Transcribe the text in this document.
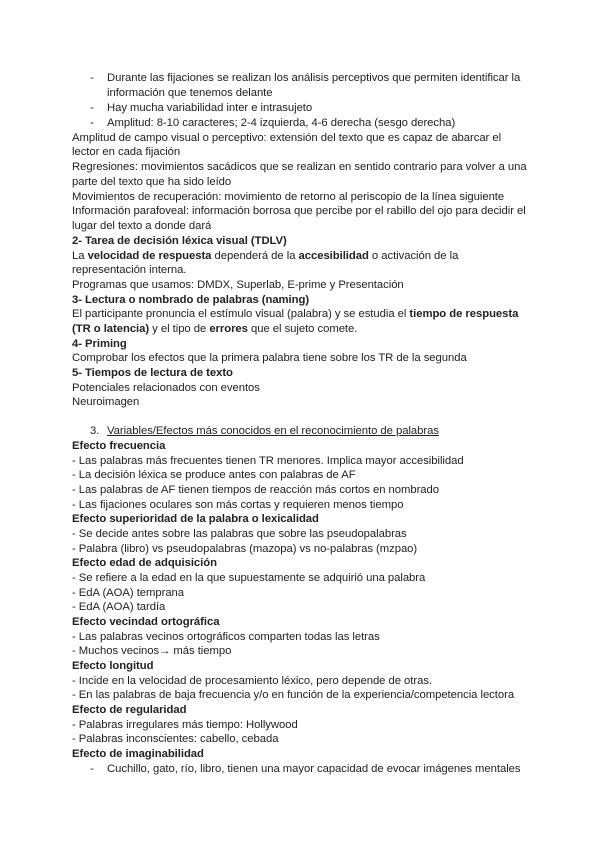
- Durante las fijaciones se realizan los análisis perceptivos que permiten identificar la
información que tenemos delante
- Hay mucha variabilidad inter e intrasujeto
- Amplitud: 8-10 caracteres; 2-4 izquierda, 4-6 derecha (sesgo derecha)
Amplitud de campo visual o perceptivo: extensión del texto que es capaz de abarcar el
lector en cada fijación
Regresiones: movimientos sacádicos que se realizan en sentido contrario para volver a una
parte del texto que ha sido leído
Movimientos de recuperación: movimiento de retorno al periscopio de la línea siguiente
Información parafoveal: información borrosa que percibe por el rabillo del ojo para decidir el
lugar del texto a donde dará
2- Tarea de decisión léxica visual (TDLV)
La velocidad de respuesta dependerá de la accesibilidad o activación de la
representación interna.
Programas que usamos: DMDX, Superlab, E-prime y Presentación
3- Lectura o nombrado de palabras (naming)
El participante pronuncia el estímulo visual (palabra) y se estudia el tiempo de respuesta
(TR o latencia) y el tipo de errores que el sujeto comete.
4- Priming
Comprobar los efectos que la primera palabra tiene sobre los TR de la segunda
5- Tiempos de lectura de texto
Potenciales relacionados con eventos
Neuroimagen
3. Variables/Efectos más conocidos en el reconocimiento de palabras
Efecto frecuencia
- Las palabras más frecuentes tienen TR menores. Implica mayor accesibilidad
- La decisión léxica se produce antes con palabras de AF
- Las palabras de AF tienen tiempos de reacción más cortos en nombrado
- Las fijaciones oculares son más cortas y requieren menos tiempo
Efecto superioridad de la palabra o lexicalidad
- Se decide antes sobre las palabras que sobre las pseudopalabras
- Palabra (libro) vs pseudopalabras (mazopa) vs no-palabras (mzpao)
Efecto edad de adquisición
- Se refiere a la edad en la que supuestamente se adquirió una palabra
- EdA (AOA) temprana
- EdA (AOA) tardía
Efecto vecindad ortográfica
- Las palabras vecinos ortográficos comparten todas las letras
- Muchos vecinos→ más tiempo
Efecto longitud
- Incide en la velocidad de procesamiento léxico, pero depende de otras.
- En las palabras de baja frecuencia y/o en función de la experiencia/competencia lectora
Efecto de regularidad
- Palabras irregulares más tiempo: Hollywood
- Palabras inconscientes: cabello, cebada
Efecto de imaginabilidad
- Cuchillo, gato, río, libro, tienen una mayor capacidad de evocar imágenes mentales
